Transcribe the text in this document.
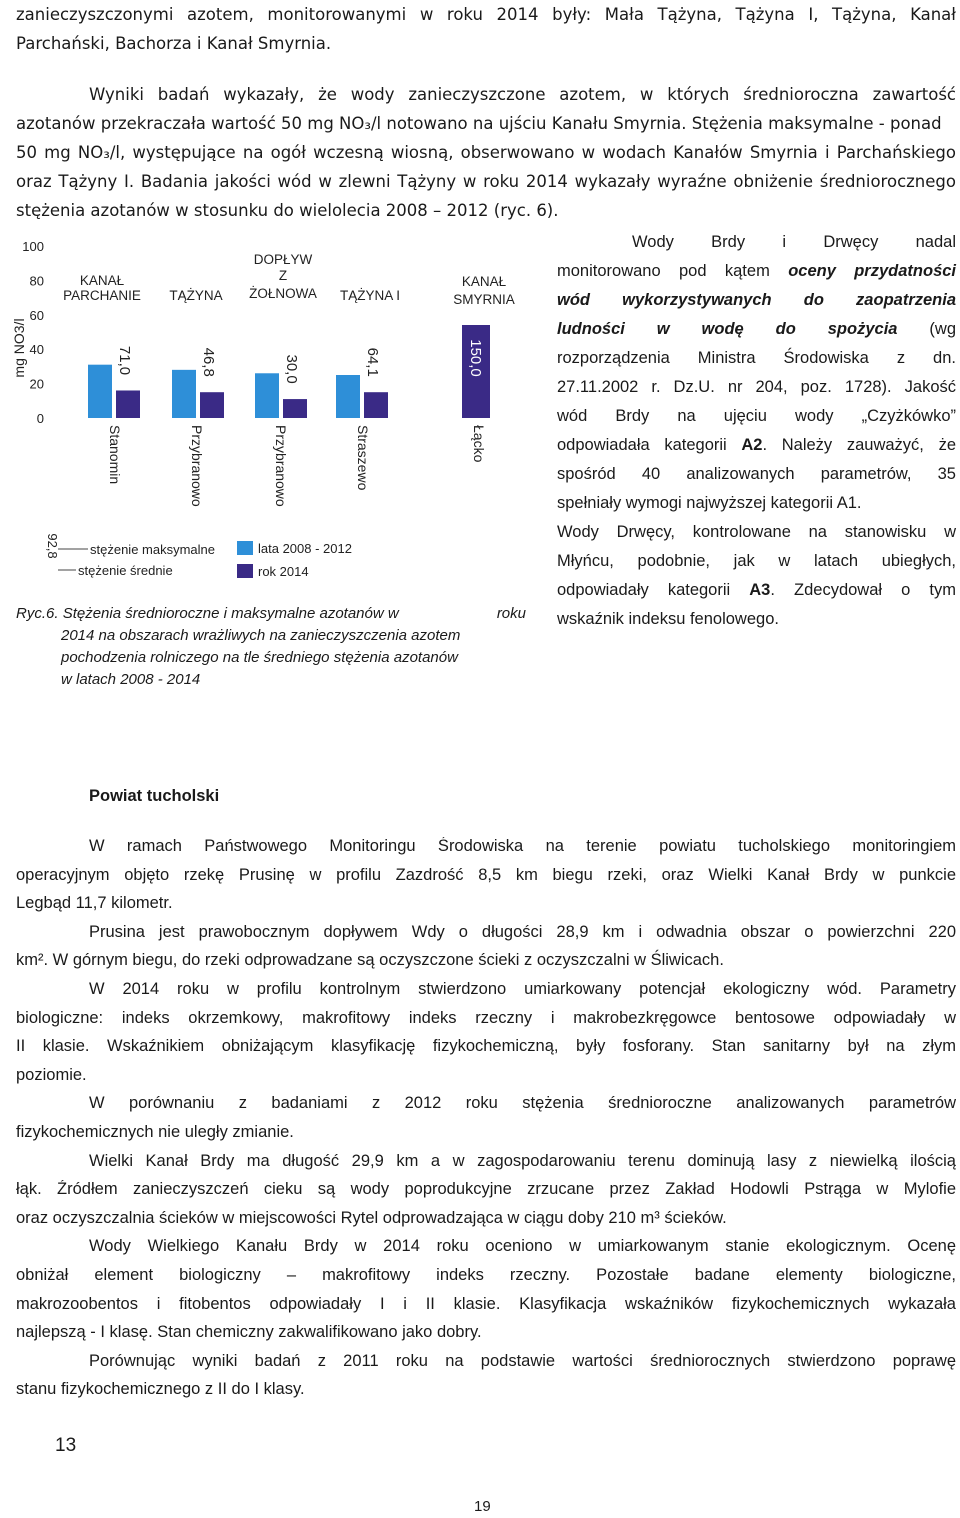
zanieczyszczonymi azotem, monitorowanymi w roku 2014 były: Mała Tążyna, Tążyna I, Tążyna, Kanał
Parchański, Bachorza i Kanał Smyrnia.
Wyniki badań wykazały, że wody zanieczyszczone azotem, w których średnioroczna zawartość
azotanów przekraczała wartość 50 mg NO₃/l notowano na ujściu Kanału Smyrnia. Stężenia maksymalne - ponad
50 mg NO₃/l, występujące na ogół wczesną wiosną, obserwowano w wodach Kanałów Smyrnia i Parchańskiego
oraz Tążyny I. Badania jakości wód w zlewni Tążyny w roku 2014 wykazały wyraźne obniżenie średniorocznego
stężenia azotanów w stosunku do wielolecia 2008 – 2012 (ryc. 6).
100
80
60
40
20
0
mg NO3/l
KANAŁ
PARCHANIE
71,0
Stanomin
TĄŻYNA
46,8
Przybranowo
DOPŁYW
Z
ŻOŁNOWA
30,0
Przybranowo
TĄŻYNA I
64,1
Straszewo
KANAŁ
SMYRNIA
150,0
Łącko
92,8 stężenie maksymalne
stężenie średnie
lata 2008 - 2012
rok 2014
Ryc.6. Stężenia średnioroczne i maksymalne azotanów w	roku
2014 na obszarach wrażliwych na zanieczyszczenia azotem
pochodzenia rolniczego na tle średniego stężenia azotanów
w latach 2008 - 2014
Wody Brdy i Drwęcy nadal
monitorowano pod kątem oceny przydatności
wód wykorzystywanych do zaopatrzenia
ludności w wodę do spożycia (wg
rozporządzenia Ministra Środowiska z dn.
27.11.2002 r. Dz.U. nr 204, poz. 1728). Jakość
wód Brdy na ujęciu wody „Czyżkówko”
odpowiadała kategorii A2. Należy zauważyć, że
spośród 40 analizowanych parametrów, 35
spełniały wymogi najwyższej kategorii A1.
Wody Drwęcy, kontrolowane na stanowisku w
Młyńcu, podobnie, jak w latach ubiegłych,
odpowiadały kategorii A3. Zdecydował o tym
wskaźnik indeksu fenolowego.
Powiat tucholski
W ramach Państwowego Monitoringu Środowiska na terenie powiatu tucholskiego monitoringiem
operacyjnym objęto rzekę Prusinę w profilu Zazdrość 8,5 km biegu rzeki, oraz Wielki Kanał Brdy w punkcie
Legbąd 11,7 kilometr.
Prusina jest prawobocznym dopływem Wdy o długości 28,9 km i odwadnia obszar o powierzchni 220
km². W górnym biegu, do rzeki odprowadzane są oczyszczone ścieki z oczyszczalni w Śliwicach.
W 2014 roku w profilu kontrolnym stwierdzono umiarkowany potencjał ekologiczny wód. Parametry
biologiczne: indeks okrzemkowy, makrofitowy indeks rzeczny i makrobezkręgowce bentosowe odpowiadały w
II klasie. Wskaźnikiem obniżającym klasyfikację fizykochemiczną, były fosforany. Stan sanitarny był na złym
poziomie.
W porównaniu z badaniami z 2012 roku stężenia średnioroczne analizowanych parametrów
fizykochemicznych nie uległy zmianie.
Wielki Kanał Brdy ma długość 29,9 km a w zagospodarowaniu terenu dominują lasy z niewielką ilością
łąk. Źródłem zanieczyszczeń cieku są wody poprodukcyjne zrzucane przez Zakład Hodowli Pstrąga w Mylofie
oraz oczyszczalnia ścieków w miejscowości Rytel odprowadzająca w ciągu doby 210 m³ ścieków.
Wody Wielkiego Kanału Brdy w 2014 roku oceniono w umiarkowanym stanie ekologicznym. Ocenę
obniżał element biologiczny – makrofitowy indeks rzeczny. Pozostałe badane elementy biologiczne,
makrozoobentos i fitobentos odpowiadały I i II klasie. Klasyfikacja wskaźników fizykochemicznych wykazała
najlepszą - I klasę. Stan chemiczny zakwalifikowano jako dobry.
Porównując wyniki badań z 2011 roku na podstawie wartości średniorocznych stwierdzono poprawę
stanu fizykochemicznego z II do I klasy.
13
19
